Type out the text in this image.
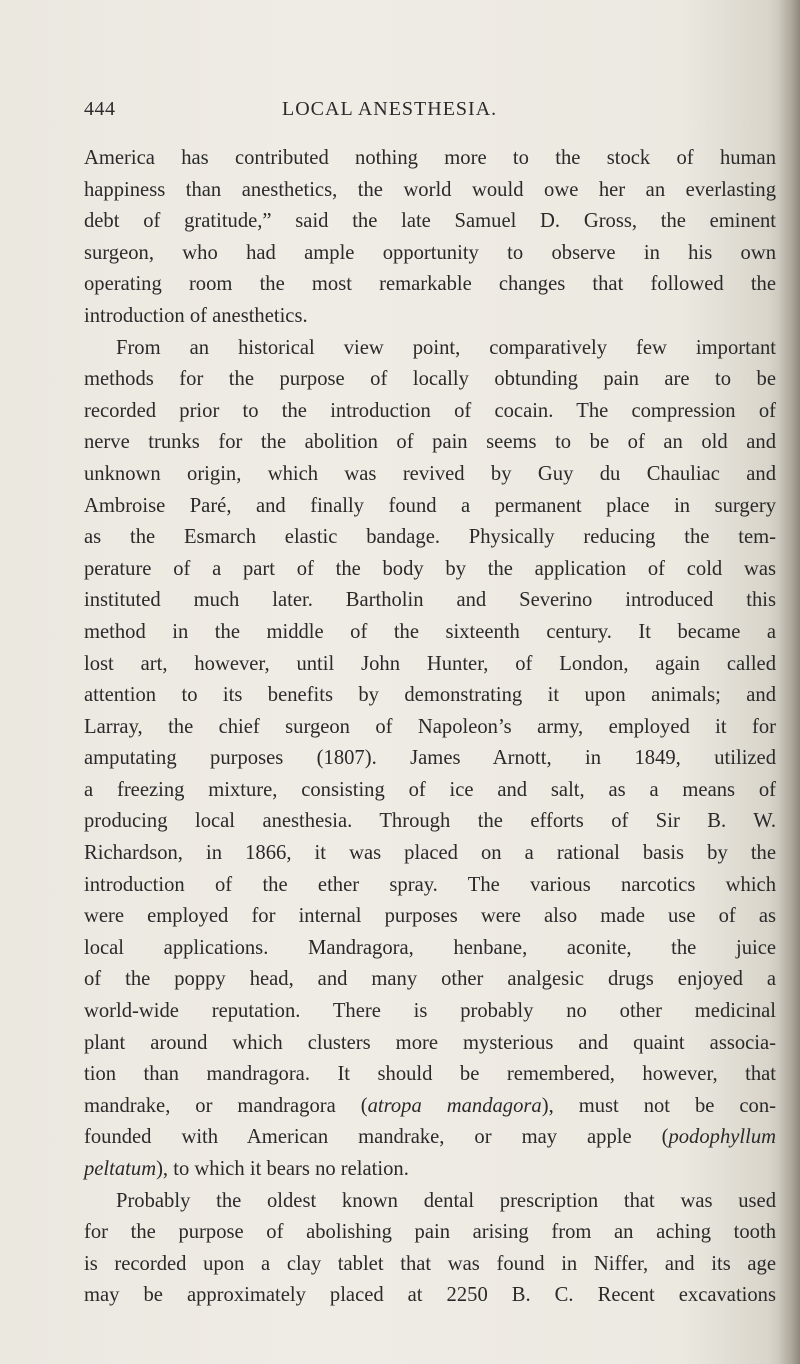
444	LOCAL ANESTHESIA.
America has contributed nothing more to the stock of human
happiness than anesthetics, the world would owe her an everlasting
debt of gratitude,” said the late Samuel D. Gross, the eminent
surgeon, who had ample opportunity to observe in his own
operating room the most remarkable changes that followed the
introduction of anesthetics.
From an historical view point, comparatively few important
methods for the purpose of locally obtunding pain are to be
recorded prior to the introduction of cocain. The compression of
nerve trunks for the abolition of pain seems to be of an old and
unknown origin, which was revived by Guy du Chauliac and
Ambroise Paré, and finally found a permanent place in surgery
as the Esmarch elastic bandage. Physically reducing the tem-
perature of a part of the body by the application of cold was
instituted much later. Bartholin and Severino introduced this
method in the middle of the sixteenth century. It became a
lost art, however, until John Hunter, of London, again called
attention to its benefits by demonstrating it upon animals; and
Larray, the chief surgeon of Napoleon’s army, employed it for
amputating purposes (1807). James Arnott, in 1849, utilized
a freezing mixture, consisting of ice and salt, as a means of
producing local anesthesia. Through the efforts of Sir B. W.
Richardson, in 1866, it was placed on a rational basis by the
introduction of the ether spray. The various narcotics which
were employed for internal purposes were also made use of as
local applications. Mandragora, henbane, aconite, the juice
of the poppy head, and many other analgesic drugs enjoyed a
world-wide reputation. There is probably no other medicinal
plant around which clusters more mysterious and quaint associa-
tion than mandragora. It should be remembered, however, that
mandrake, or mandragora (atropa mandagora), must not be con-
founded with American mandrake, or may apple (podophyllum
peltatum), to which it bears no relation.
Probably the oldest known dental prescription that was used
for the purpose of abolishing pain arising from an aching tooth
is recorded upon a clay tablet that was found in Niffer, and its age
may be approximately placed at 2250 B. C. Recent excavations
